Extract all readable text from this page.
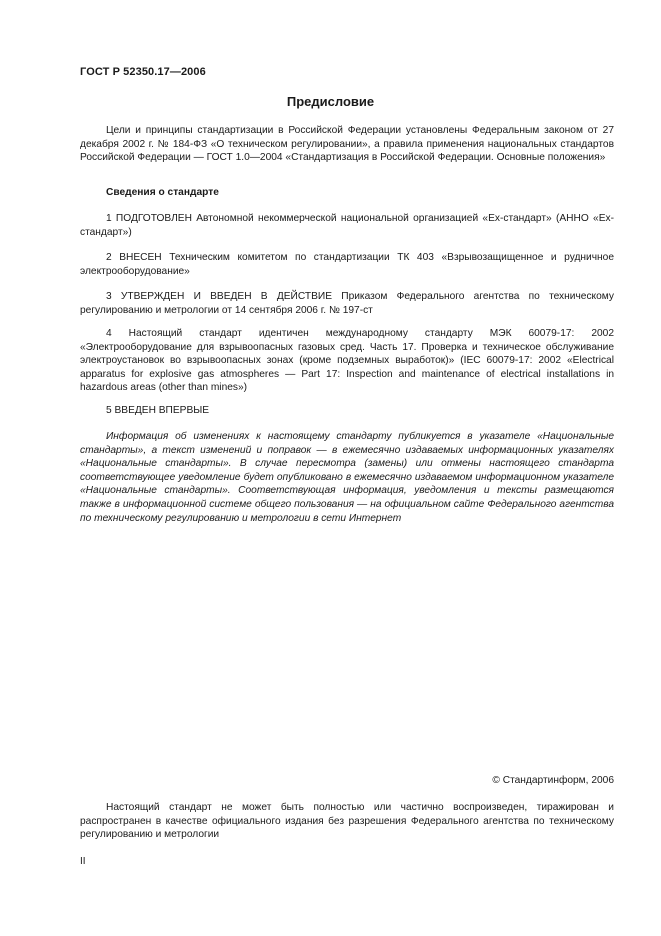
ГОСТ Р 52350.17—2006
Предисловие
Цели и принципы стандартизации в Российской Федерации установлены Федеральным законом от 27 декабря 2002 г. № 184-ФЗ «О техническом регулировании», а правила применения национальных стандартов Российской Федерации — ГОСТ 1.0—2004 «Стандартизация в Российской Федерации. Основные положения»
Сведения о стандарте
1 ПОДГОТОВЛЕН Автономной некоммерческой национальной организацией «Ех-стандарт» (АННО «Ех-стандарт»)
2 ВНЕСЕН Техническим комитетом по стандартизации ТК 403 «Взрывозащищенное и рудничное электрооборудование»
3 УТВЕРЖДЕН И ВВЕДЕН В ДЕЙСТВИЕ Приказом Федерального агентства по техническому регулированию и метрологии от 14 сентября 2006 г. № 197-ст
4 Настоящий стандарт идентичен международному стандарту МЭК 60079-17: 2002 «Электрооборудование для взрывоопасных газовых сред. Часть 17. Проверка и техническое обслуживание электроустановок во взрывоопасных зонах (кроме подземных выработок)» (IEC 60079-17: 2002 «Electrical apparatus for explosive gas atmospheres — Part 17: Inspection and maintenance of electrical installations in hazardous areas (other than mines»)
5 ВВЕДЕН ВПЕРВЫЕ
Информация об изменениях к настоящему стандарту публикуется в указателе «Национальные стандарты», а текст изменений и поправок — в ежемесячно издаваемых информационных указателях «Национальные стандарты». В случае пересмотра (замены) или отмены настоящего стандарта соответствующее уведомление будет опубликовано в ежемесячно издаваемом информационном указателе «Национальные стандарты». Соответствующая информация, уведомления и тексты размещаются также в информационной системе общего пользования — на официальном сайте Федерального агентства по техническому регулированию и метрологии в сети Интернет
© Стандартинформ, 2006
Настоящий стандарт не может быть полностью или частично воспроизведен, тиражирован и распространен в качестве официального издания без разрешения Федерального агентства по техническому регулированию и метрологии
II
